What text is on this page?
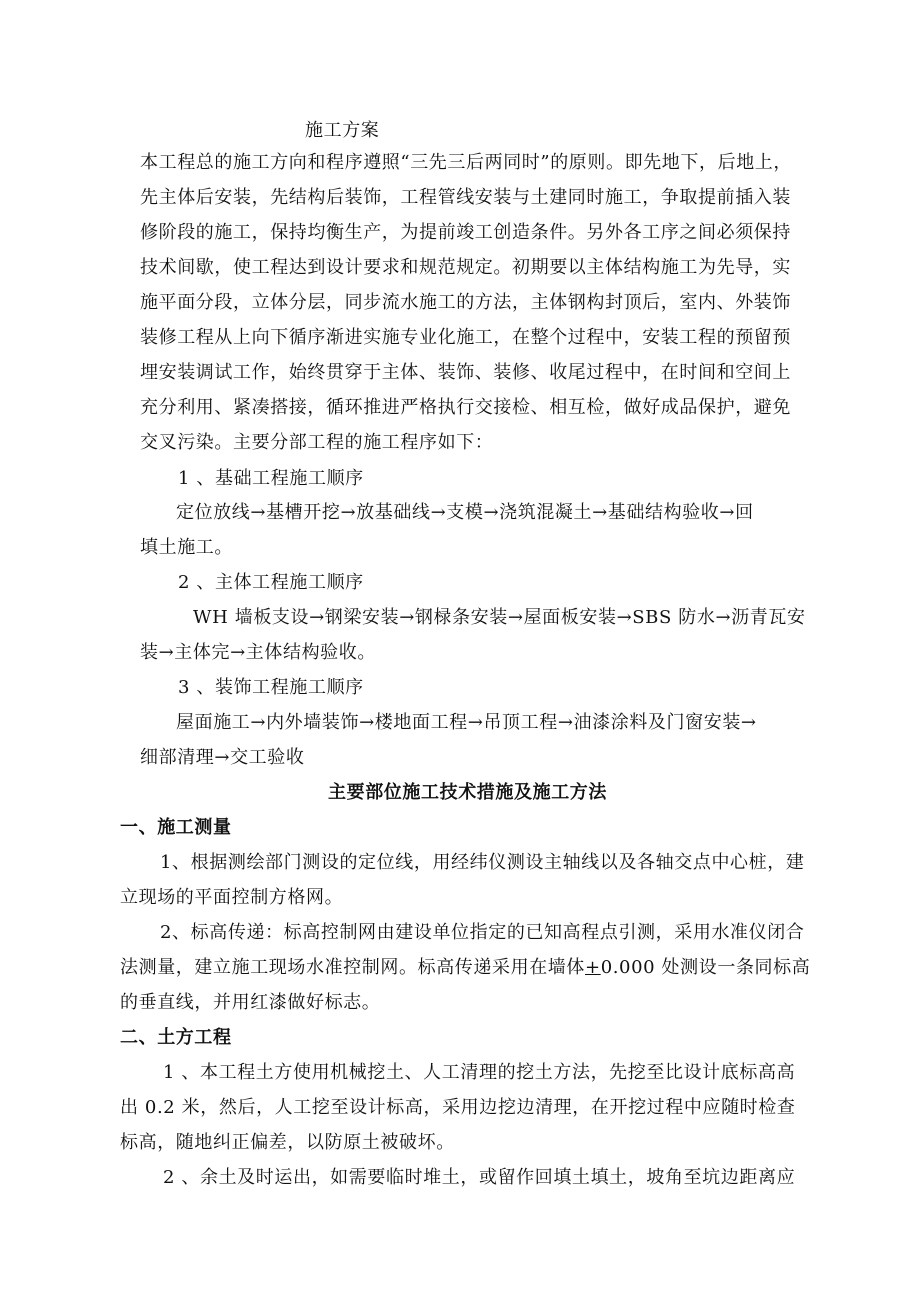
施工方案
本工程总的施工方向和程序遵照“三先三后两同时”的原则。即先地下，后地上，
先主体后安装，先结构后装饰，工程管线安装与土建同时施工，争取提前插入装
修阶段的施工，保持均衡生产，为提前竣工创造条件。另外各工序之间必须保持
技术间歇，使工程达到设计要求和规范规定。初期要以主体结构施工为先导，实
施平面分段，立体分层，同步流水施工的方法，主体钢构封顶后，室内、外装饰
装修工程从上向下循序渐进实施专业化施工，在整个过程中，安装工程的预留预
埋安装调试工作，始终贯穿于主体、装饰、装修、收尾过程中，在时间和空间上
充分利用、紧凑搭接，循环推进严格执行交接检、相互检，做好成品保护，避免
交叉污染。主要分部工程的施工程序如下：
1 、基础工程施工顺序
定位放线→基槽开挖→放基础线→支模→浇筑混凝土→基础结构验收→回
填土施工。
2 、主体工程施工顺序
WH 墙板支设→钢梁安装→钢椂条安装→屋面板安装→SBS 防水→沥青瓦安
装→主体完→主体结构验收。
3 、装饰工程施工顺序
屋面施工→内外墙装饰→楼地面工程→吊顶工程→油漆涂料及门窗安装→
细部清理→交工验收
主要部位施工技术措施及施工方法
一、施工测量
1、根据测绘部门测设的定位线，用经纬仪测设主轴线以及各轴交点中心桩，建
立现场的平面控制方格网。
2、标高传递：标高控制网由建设单位指定的已知高程点引测，采用水准仪闭合
法测量，建立施工现场水准控制网。标高传递采用在墙体+0.000 处测设一条同标高
的垂直线，并用红漆做好标志。
二、土方工程
1 、本工程土方使用机械挖土、人工清理的挖土方法，先挖至比设计底标高高
出 0.2 米，然后，人工挖至设计标高，采用边挖边清理，在开挖过程中应随时检查
标高，随地纠正偏差，以防原土被破坏。
2 、余土及时运出，如需要临时堆土，或留作回填土填土，坡角至坑边距离应
